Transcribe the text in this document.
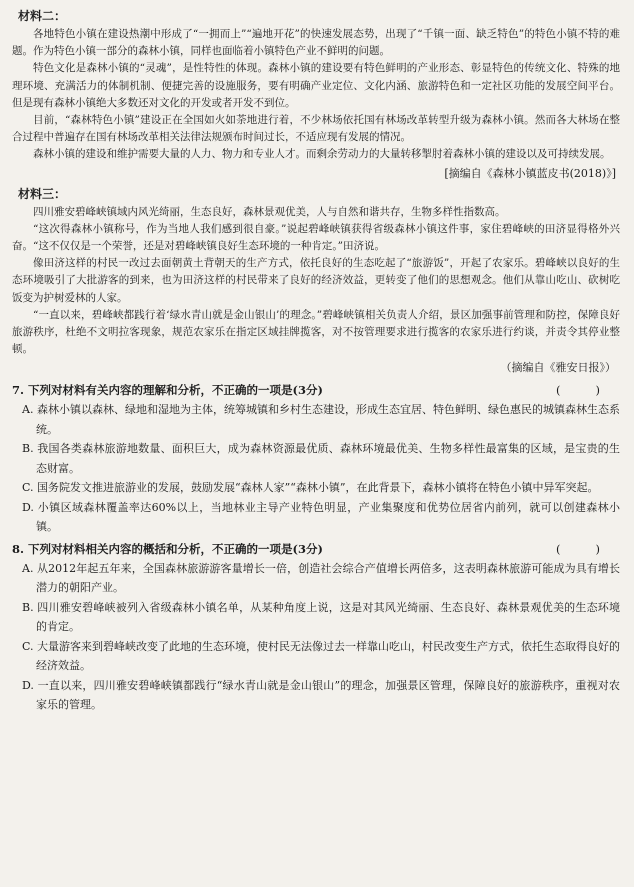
材料二：

各地特色小镇在建设热潮中形成了“一拥而上”“遍地开花”的快速发展态势，出现了“千镇一面、缺乏特色”的特色小镇不特的难题。作为特色小镇一部分的森林小镇，同样也面临着小镇特色产业不鲜明的问题。

特色文化是森林小镇的“灵魂”，是性特性的体现。森林小镇的建设要有特色鲜明的产业形态、彰显特色的传统文化、特殊的地理环境、充满活力的体制机制、便捷完善的设施服务，要有明确产业定位、文化内涵、旅游特色和一定社区功能的发展空间平台。但是现有森林小镇绝大多数还对文化的开发或者开发不到位。

目前，“森林特色小镇”建设正在全国如火如荼地进行着，不少林场依托国有林场改革转型升级为森林小镇。然而各大林场在整合过程中普遍存在国有林场改革相关法律法规颁布时间过长，不适应现有发展的情况。

森林小镇的建设和维护需要大量的人力、物力和专业人才。而剩余劳动力的大量转移掣肘着森林小镇的建设以及可持续发展。

[摘编自《森林小镇蓝皮书(2018)》]
材料三：

四川雅安碧峰峡镇域内风光绮丽，生态良好，森林景观优美，人与自然和谐共存，生物多样性指数高。

“这次得森林小镇称号，作为当地人我们感到很自豪。”说起碧峰峡镇获得省级森林小镇这件事，家住碧峰峡的田济显得格外兴奋。“这不仅仅是一个荣誉，还是对碧峰峡镇良好生态环境的一种肯定。”田济说。

像田济这样的村民一改过去面朝黄土背朝天的生产方式，依托良好的生态吃起了“旅游饭”，开起了农家乐。碧峰峡以良好的生态环境吸引了大批游客的到来，也为田济这样的村民带来了良好的经济效益，更转变了他们的思想观念。他们从靠山吃山、砍树吃饭变为护树爱林的人家。

“一直以来，碧峰峡都践行着‘绿水青山就是金山银山’的理念。”碧峰峡镇相关负责人介绍，景区加强事前管理和防控，保障良好旅游秩序，杜绝不文明拉客现象，规范农家乐在指定区域挂牌揽客，对不按管理要求进行揽客的农家乐进行约谈，并责令其停业整顿。

（摘编自《雅安日报》）
7. 下列对材料有关内容的理解和分析，不正确的一项是(3分)	(　　)

A. 森林小镇以森林、绿地和湿地为主体，统筹城镇和乡村生态建设，形成生态宜居、特色鲜明、绿色惠民的城镇森林生态系统。

B. 我国各类森林旅游地数量、面积巨大，成为森林资源最优质、森林环境最优美、生物多样性最富集的区域，是宝贵的生态财富。

C. 国务院发文推进旅游业的发展，鼓励发展“森林人家”“森林小镇”，在此背景下，森林小镇将在特色小镇中异军突起。

D. 小镇区域森林覆盖率达60%以上，当地林业主导产业特色明显，产业集聚度和优势位居省内前列，就可以创建森林小镇。

8. 下列对材料相关内容的概括和分析，不正确的一项是(3分)	(　　)

A. 从2012年起五年来，全国森林旅游游客量增长一倍，创造社会综合产值增长两倍多，这表明森林旅游可能成为具有增长潜力的朝阳产业。

B. 四川雅安碧峰峡被列入省级森林小镇名单，从某种角度上说，这是对其风光绮丽、生态良好、森林景观优美的生态环境的肯定。

C. 大量游客来到碧峰峡改变了此地的生态环境，使村民无法像过去一样靠山吃山，村民改变生产方式，依托生态取得良好的经济效益。

D. 一直以来，四川雅安碧峰峡镇都践行“绿水青山就是金山银山”的理念，加强景区管理，保障良好的旅游秩序，重视对农家乐的管理。
